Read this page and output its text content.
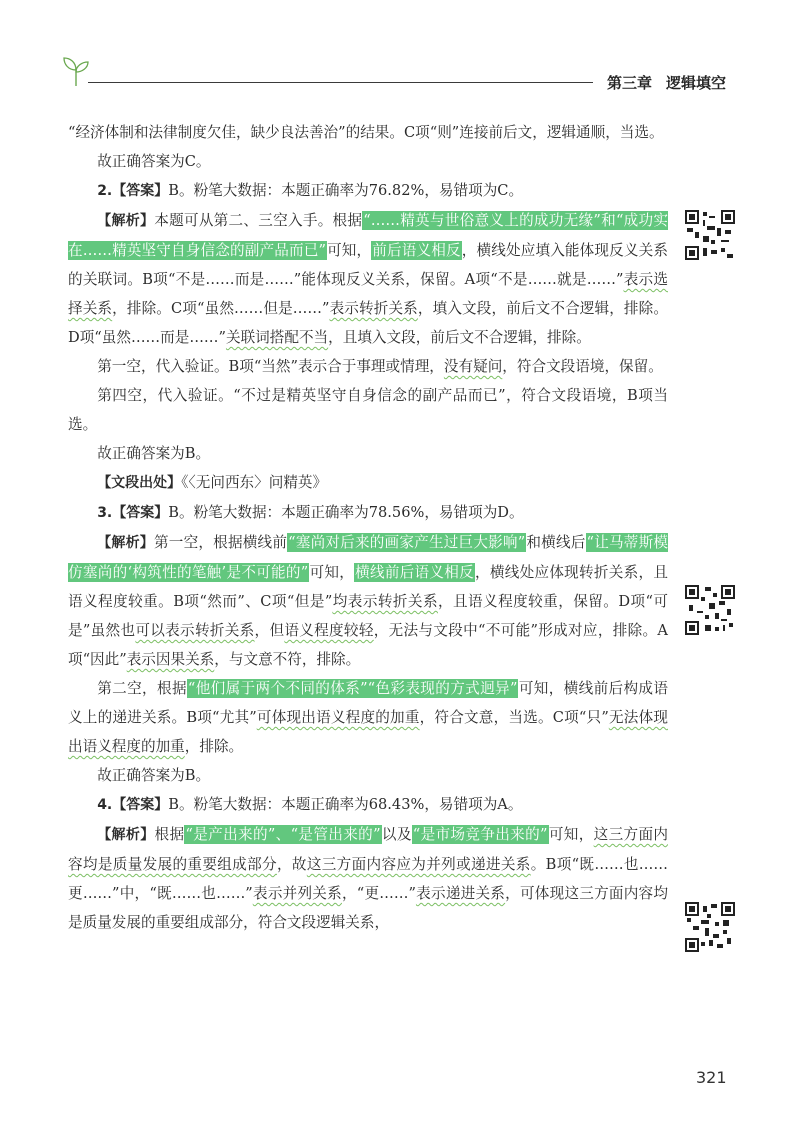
第三章 逻辑填空

“经济体制和法律制度欠佳，缺少良法善治”的结果。C项“则”连接前后文，逻辑通顺，当选。

故正确答案为C。

2.【答案】B。粉笔大数据：本题正确率为76.82%，易错项为C。

【解析】本题可从第二、三空入手。根据“……精英与世俗意义上的成功无缘”和“成功实在……精英坚守自身信念的副产品而已”可知，前后语义相反，横线处应填入能体现反义关系的关联词。B项“不是……而是……”能体现反义关系，保留。A项“不是……就是……”表示选择关系，排除。C项“虽然……但是……”表示转折关系，填入文段，前后文不合逻辑，排除。D项“虽然……而是……”关联词搭配不当，且填入文段，前后文不合逻辑，排除。

第一空，代入验证。B项“当然”表示合于事理或情理，没有疑问，符合文段语境，保留。

第四空，代入验证。“不过是精英坚守自身信念的副产品而已”，符合文段语境，B项当选。

故正确答案为B。

【文段出处】《〈无问西东〉问精英》

3.【答案】B。粉笔大数据：本题正确率为78.56%，易错项为D。

【解析】第一空，根据横线前“塞尚对后来的画家产生过巨大影响”和横线后“让马蒂斯模仿塞尚的‘构筑性的笔触’是不可能的”可知，横线前后语义相反，横线处应体现转折关系，且语义程度较重。B项“然而”、C项“但是”均表示转折关系，且语义程度较重，保留。D项“可是”虽然也可以表示转折关系，但语义程度较轻，无法与文段中“不可能”形成对应，排除。A项“因此”表示因果关系，与文意不符，排除。

第二空，根据“他们属于两个不同的体系”“色彩表现的方式迥异”可知，横线前后构成语义上的递进关系。B项“尤其”可体现出语义程度的加重，符合文意，当选。C项“只”无法体现出语义程度的加重，排除。

故正确答案为B。

4.【答案】B。粉笔大数据：本题正确率为68.43%，易错项为A。

【解析】根据“是产出来的”、“是管出来的”以及“是市场竞争出来的”可知，这三方面内容均是质量发展的重要组成部分，故这三方面内容应为并列或递进关系。B项“既……也……更……”中，“既……也……”表示并列关系，“更……”表示递进关系，可体现这三方面内容均是质量发展的重要组成部分，符合文段逻辑关系，

321
